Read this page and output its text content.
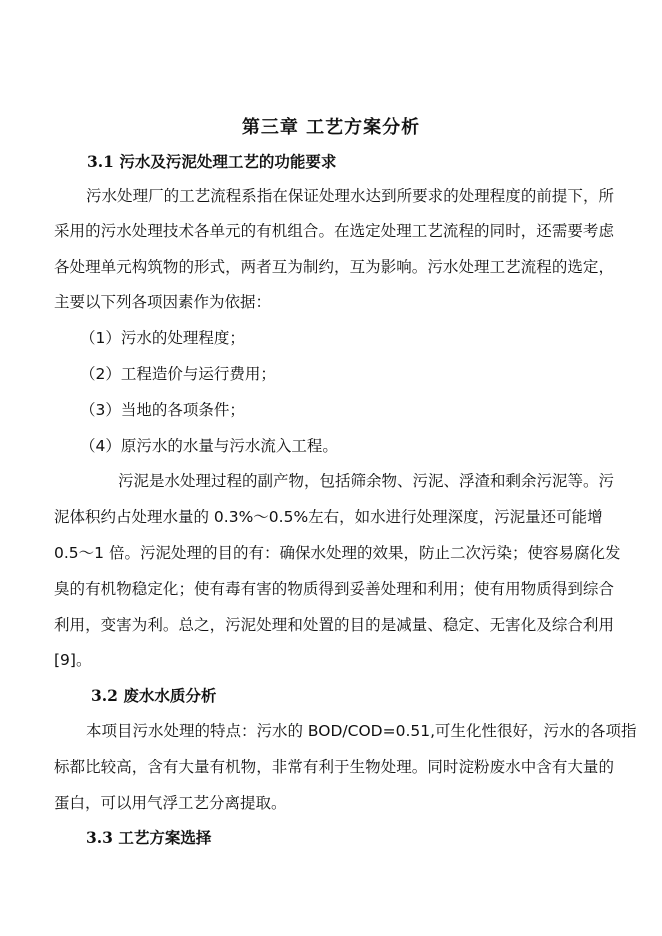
第三章 工艺方案分析
3.1 污水及污泥处理工艺的功能要求
污水处理厂的工艺流程系指在保证处理水达到所要求的处理程度的前提下，所
采用的污水处理技术各单元的有机组合。在选定处理工艺流程的同时，还需要考虑
各处理单元构筑物的形式，两者互为制约，互为影响。污水处理工艺流程的选定，
主要以下列各项因素作为依据：
（1）污水的处理程度；
（2）工程造价与运行费用；
（3）当地的各项条件；
（4）原污水的水量与污水流入工程。
污泥是水处理过程的副产物，包括筛余物、污泥、浮渣和剩余污泥等。污
泥体积约占处理水量的 0.3%～0.5%左右，如水进行处理深度，污泥量还可能增
0.5～1 倍。污泥处理的目的有：确保水处理的效果，防止二次污染；使容易腐化发
臭的有机物稳定化；使有毒有害的物质得到妥善处理和利用；使有用物质得到综合
利用，变害为利。总之，污泥处理和处置的目的是减量、稳定、无害化及综合利用
[9]。
3.2 废水水质分析
本项目污水处理的特点：污水的 BOD/COD=0.51,可生化性很好，污水的各项指
标都比较高，含有大量有机物，非常有利于生物处理。同时淀粉废水中含有大量的
蛋白，可以用气浮工艺分离提取。
3.3 工艺方案选择
